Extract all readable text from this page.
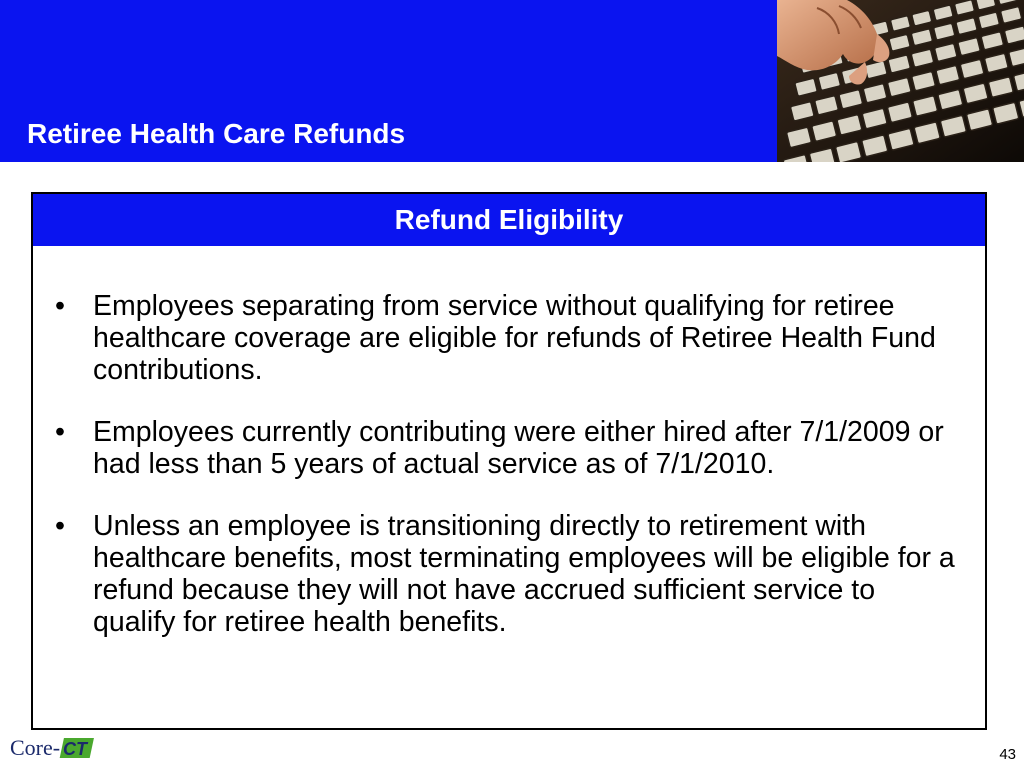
Retiree Health Care Refunds
Refund Eligibility
• Employees separating from service without qualifying for retiree healthcare coverage are eligible for refunds of Retiree Health Fund contributions.
• Employees currently contributing were either hired after 7/1/2009 or had less than 5 years of actual service as of 7/1/2010.
• Unless an employee is transitioning directly to retirement with healthcare benefits, most terminating employees will be eligible for a refund because they will not have accrued sufficient service to qualify for retiree health benefits.
Core- CT	43
